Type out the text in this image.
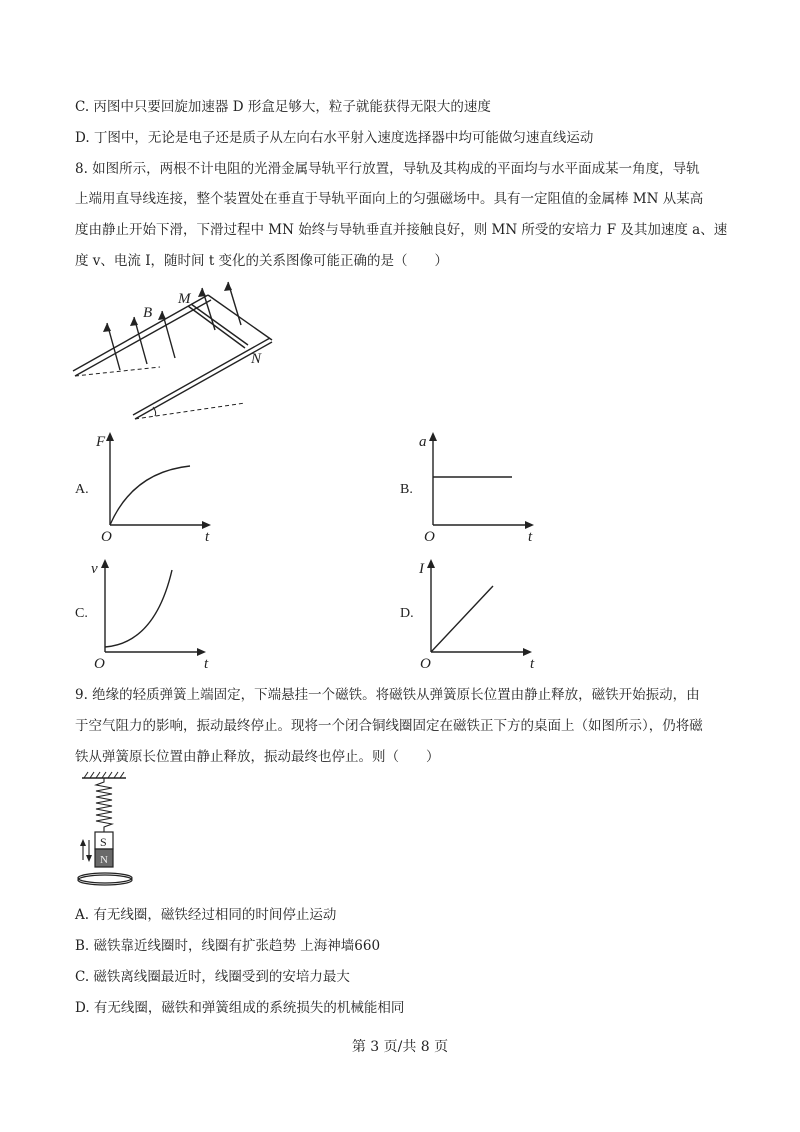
C. 丙图中只要回旋加速器 D 形盒足够大，粒子就能获得无限大的速度
D. 丁图中，无论是电子还是质子从左向右水平射入速度选择器中均可能做匀速直线运动
8. 如图所示，两根不计电阻的光滑金属导轨平行放置，导轨及其构成的平面均与水平面成某一角度，导轨
上端用直导线连接，整个装置处在垂直于导轨平面向上的匀强磁场中。具有一定阻值的金属棒 MN 从某高
度由静止开始下滑，下滑过程中 MN 始终与导轨垂直并接触良好，则 MN 所受的安培力 F 及其加速度 a、速
度 v、电流 I，随时间 t 变化的关系图像可能正确的是（　　）
B
M
N
A.
F
O	t
B.
a
O	t
C.
v
O	t
D.
I
O	t
9. 绝缘的轻质弹簧上端固定，下端悬挂一个磁铁。将磁铁从弹簧原长位置由静止释放，磁铁开始振动，由
于空气阻力的影响，振动最终停止。现将一个闭合铜线圈固定在磁铁正下方的桌面上（如图所示），仍将磁
铁从弹簧原长位置由静止释放，振动最终也停止。则（　　）
S
N
A. 有无线圈，磁铁经过相同的时间停止运动
B. 磁铁靠近线圈时，线圈有扩张趋势 上海神墙660
C. 磁铁离线圈最近时，线圈受到的安培力最大
D. 有无线圈，磁铁和弹簧组成的系统损失的机械能相同
第 3 页/共 8 页
